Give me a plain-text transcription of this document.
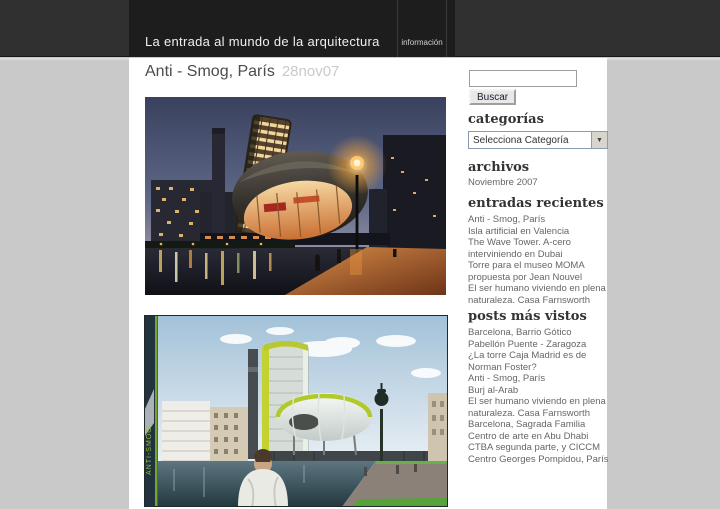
La entrada al mundo de la arquitectura	información
Anti - Smog, París 28nov07
ANTI-SMOG
Buscar
categorías
Selecciona Categoría	▼
archivos
Noviembre 2007
entradas recientes
Anti - Smog, París
Isla artificial en Valencia
The Wave Tower. A-cero interviniendo en Dubai
Torre para el museo MOMA propuesta por Jean Nouvel
El ser humano viviendo en plena naturaleza. Casa Farnsworth
posts más vistos
Barcelona, Barrio Gótico
Pabellón Puente - Zaragoza
¿La torre Caja Madrid es de Norman Foster?
Anti - Smog, París
Burj al-Arab
El ser humano viviendo en plena naturaleza. Casa Farnsworth
Barcelona, Sagrada Familia
Centro de arte en Abu Dhabi
CTBA segunda parte, y CICCM
Centro Georges Pompidou, París
